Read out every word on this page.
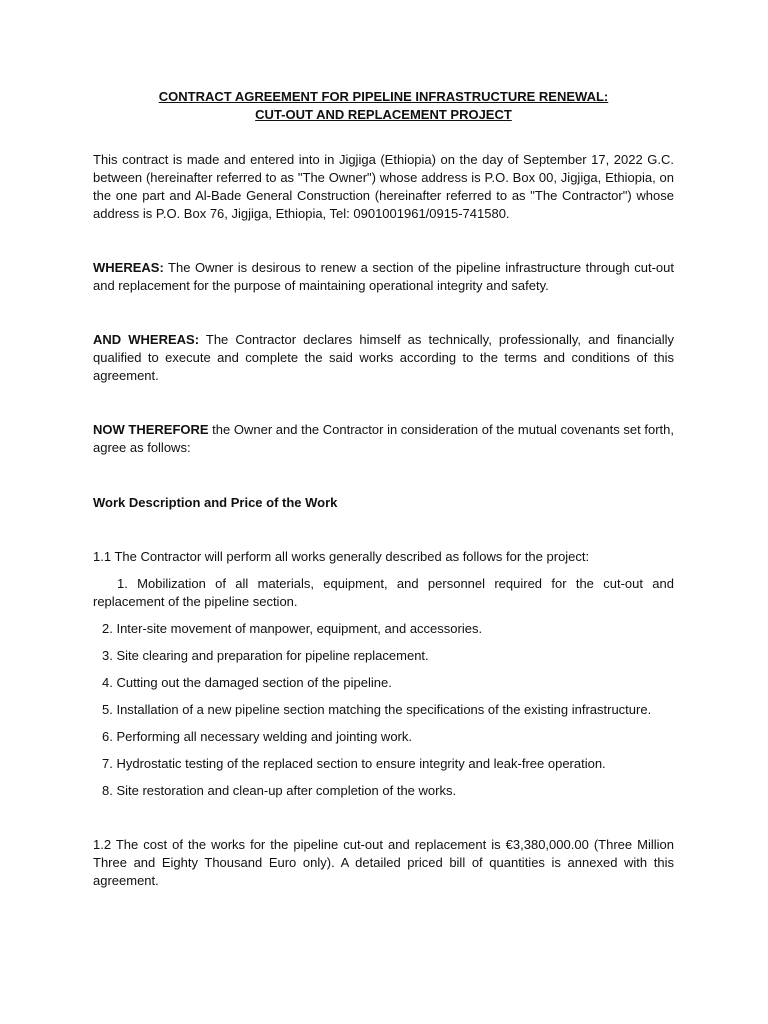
CONTRACT AGREEMENT FOR PIPELINE INFRASTRUCTURE RENEWAL:
CUT-OUT AND REPLACEMENT PROJECT

This contract is made and entered into in Jigjiga (Ethiopia) on the day of September 17, 2022 G.C. between (hereinafter referred to as "The Owner") whose address is P.O. Box 00, Jigjiga, Ethiopia, on the one part and Al-Bade General Construction (hereinafter referred to as "The Contractor") whose address is P.O. Box 76, Jigjiga, Ethiopia, Tel: 0901001961/0915-741580.

WHEREAS: The Owner is desirous to renew a section of the pipeline infrastructure through cut-out and replacement for the purpose of maintaining operational integrity and safety.

AND WHEREAS: The Contractor declares himself as technically, professionally, and financially qualified to execute and complete the said works according to the terms and conditions of this agreement.

NOW THEREFORE the Owner and the Contractor in consideration of the mutual covenants set forth, agree as follows:

Work Description and Price of the Work

1.1 The Contractor will perform all works generally described as follows for the project:

1. Mobilization of all materials, equipment, and personnel required for the cut-out and replacement of the pipeline section.
2. Inter-site movement of manpower, equipment, and accessories.
3. Site clearing and preparation for pipeline replacement.
4. Cutting out the damaged section of the pipeline.
5. Installation of a new pipeline section matching the specifications of the existing infrastructure.
6. Performing all necessary welding and jointing work.
7. Hydrostatic testing of the replaced section to ensure integrity and leak-free operation.
8. Site restoration and clean-up after completion of the works.

1.2 The cost of the works for the pipeline cut-out and replacement is €3,380,000.00 (Three Million Three and Eighty Thousand Euro only). A detailed priced bill of quantities is annexed with this agreement.
